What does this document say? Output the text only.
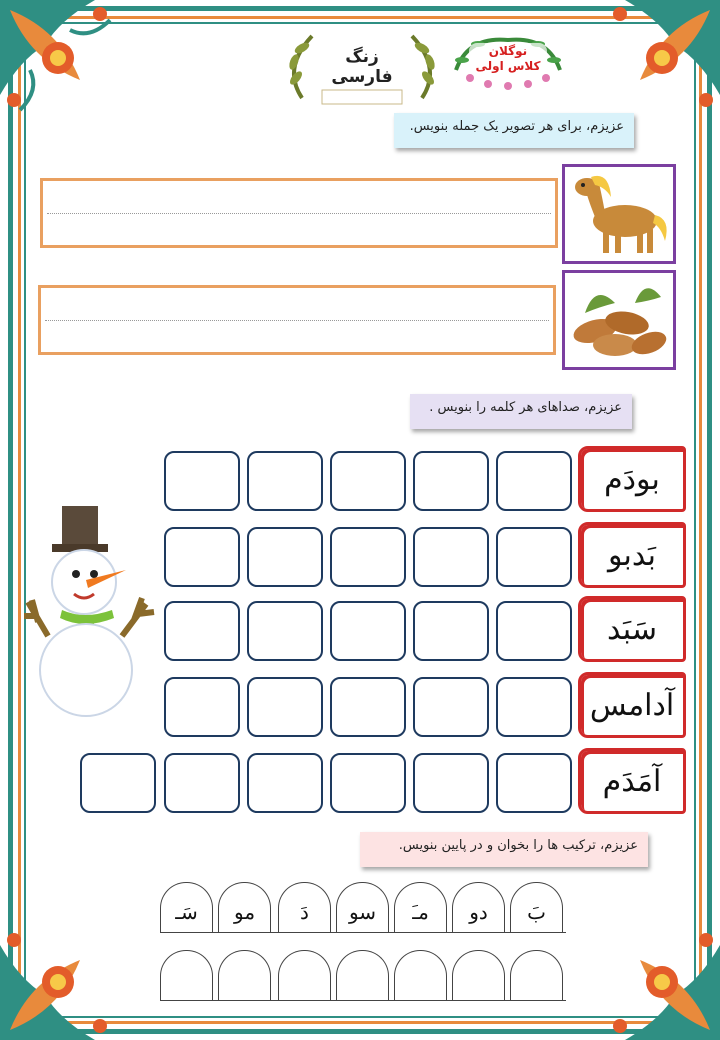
زنگ
فارسی
نوگلان
کلاس اولی
عزیزم، برای هر تصویر یک جمله بنویس.
عزیزم، صداهای هر کلمه را بنویس .
بودَم
بَدبو
سَبَد
آدامس
آمَدَم
عزیزم، ترکیب ها را بخوان و در پایین بنویس.
بَ
دو
مـَ
سو
دَ
مو
سَـ
